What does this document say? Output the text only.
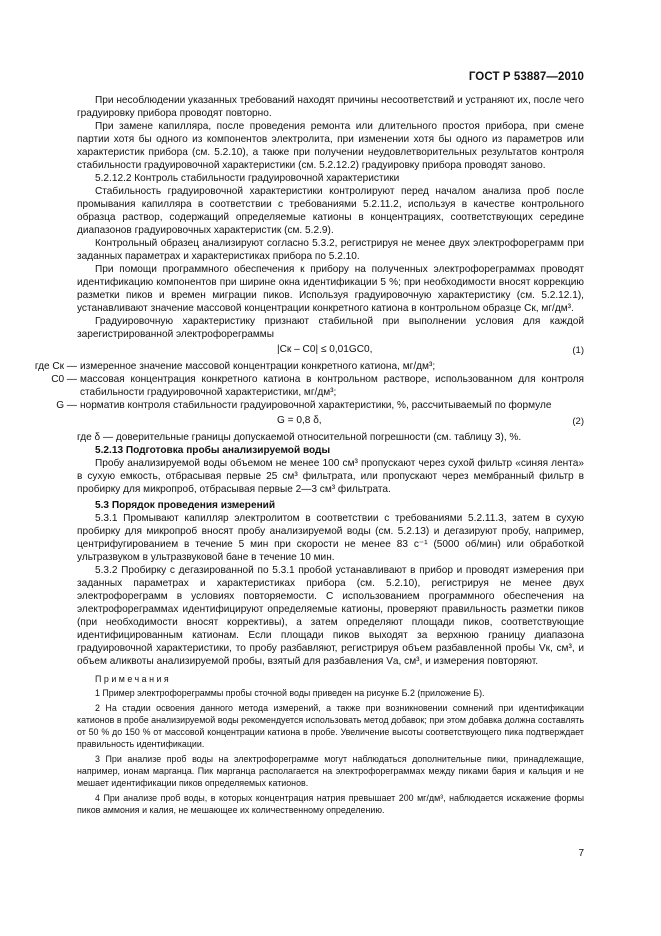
ГОСТ Р 53887—2010

При несоблюдении указанных требований находят причины несоответствий и устраняют их, после чего градуировку прибора проводят повторно.

При замене капилляра, после проведения ремонта или длительного простоя прибора, при смене партии хотя бы одного из компонентов электролита, при изменении хотя бы одного из параметров или характеристик прибора (см. 5.2.10), а также при получении неудовлетворительных результатов контроля стабильности градуировочной характеристики (см. 5.2.12.2) градуировку прибора проводят заново.

5.2.12.2 Контроль стабильности градуировочной характеристики

Стабильность градуировочной характеристики контролируют перед началом анализа проб после промывания капилляра в соответствии с требованиями 5.2.11.2, используя в качестве контрольного образца раствор, содержащий определяемые катионы в концентрациях, соответствующих середине диапазонов градуировочных характеристик (см. 5.2.9).

Контрольный образец анализируют согласно 5.3.2, регистрируя не менее двух электрофореграмм при заданных параметрах и характеристиках прибора по 5.2.10.

При помощи программного обеспечения к прибору на полученных электрофореграммах проводят идентификацию компонентов при ширине окна идентификации 5 %; при необходимости вносят коррекцию разметки пиков и времен миграции пиков. Используя градуировочную характеристику (см. 5.2.12.1), устанавливают значение массовой концентрации конкретного катиона в контрольном образце Cк, мг/дм³.

Градуировочную характеристику признают стабильной при выполнении условия для каждой зарегистрированной электрофореграммы

|Cк – C0| ≤ 0,01GC0,	(1)
где Cк — измеренное значение массовой концентрации конкретного катиона, мг/дм³;
C0 — массовая концентрация конкретного катиона в контрольном растворе, использованном для контроля стабильности градуировочной характеристики, мг/дм³;
G — норматив контроля стабильности градуировочной характеристики, %, рассчитываемый по формуле
G = 0,8 δ,	(2)

где δ — доверительные границы допускаемой относительной погрешности (см. таблицу 3), %.

5.2.13 Подготовка пробы анализируемой воды

Пробу анализируемой воды объемом не менее 100 см³ пропускают через сухой фильтр «синяя лента» в сухую емкость, отбрасывая первые 25 см³ фильтрата, или пропускают через мембранный фильтр в пробирку для микропроб, отбрасывая первые 2—3 см³ фильтрата.

5.3 Порядок проведения измерений

5.3.1 Промывают капилляр электролитом в соответствии с требованиями 5.2.11.3, затем в сухую пробирку для микропроб вносят пробу анализируемой воды (см. 5.2.13) и дегазируют пробу, например, центрифугированием в течение 5 мин при скорости не менее 83 с⁻¹ (5000 об/мин) или обработкой ультразвуком в ультразвуковой бане в течение 10 мин.

5.3.2 Пробирку с дегазированной по 5.3.1 пробой устанавливают в прибор и проводят измерения при заданных параметрах и характеристиках прибора (см. 5.2.10), регистрируя не менее двух электрофореграмм в условиях повторяемости. С использованием программного обеспечения на электрофореграммах идентифицируют определяемые катионы, проверяют правильность разметки пиков (при необходимости вносят коррективы), а затем определяют площади пиков, соответствующие идентифицированным катионам. Если площади пиков выходят за верхнюю границу диапазона градуировочной характеристики, то пробу разбавляют, регистрируя объем разбавленной пробы Vк, см³, и объем аликвоты анализируемой пробы, взятый для разбавления Vа, см³, и измерения повторяют.

Примечания

1 Пример электрофореграммы пробы сточной воды приведен на рисунке Б.2 (приложение Б).

2 На стадии освоения данного метода измерений, а также при возникновении сомнений при идентификации катионов в пробе анализируемой воды рекомендуется использовать метод добавок; при этом добавка должна составлять от 50 % до 150 % от массовой концентрации катиона в пробе. Увеличение высоты соответствующего пика подтверждает правильность идентификации.

3 При анализе проб воды на электрофореграмме могут наблюдаться дополнительные пики, принадлежащие, например, ионам марганца. Пик марганца располагается на электрофореграммах между пиками бария и кальция и не мешает идентификации пиков определяемых катионов.

4 При анализе проб воды, в которых концентрация натрия превышает 200 мг/дм³, наблюдается искажение формы пиков аммония и калия, не мешающее их количественному определению.

7
